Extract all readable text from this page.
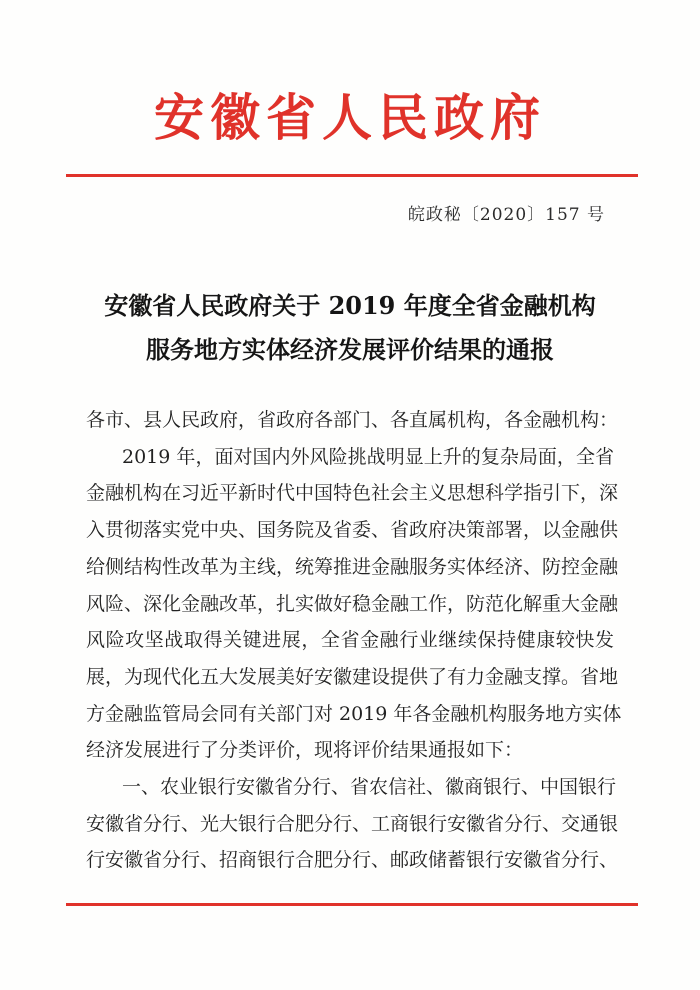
安徽省人民政府
皖政秘〔2020〕157 号
安徽省人民政府关于 2019 年度全省金融机构
服务地方实体经济发展评价结果的通报
各市、县人民政府，省政府各部门、各直属机构，各金融机构：
2019 年，面对国内外风险挑战明显上升的复杂局面，全省
金融机构在习近平新时代中国特色社会主义思想科学指引下，深
入贯彻落实党中央、国务院及省委、省政府决策部署，以金融供
给侧结构性改革为主线，统筹推进金融服务实体经济、防控金融
风险、深化金融改革，扎实做好稳金融工作，防范化解重大金融
风险攻坚战取得关键进展，全省金融行业继续保持健康较快发
展，为现代化五大发展美好安徽建设提供了有力金融支撑。省地
方金融监管局会同有关部门对 2019 年各金融机构服务地方实体
经济发展进行了分类评价，现将评价结果通报如下：
一、农业银行安徽省分行、省农信社、徽商银行、中国银行
安徽省分行、光大银行合肥分行、工商银行安徽省分行、交通银
行安徽省分行、招商银行合肥分行、邮政储蓄银行安徽省分行、
